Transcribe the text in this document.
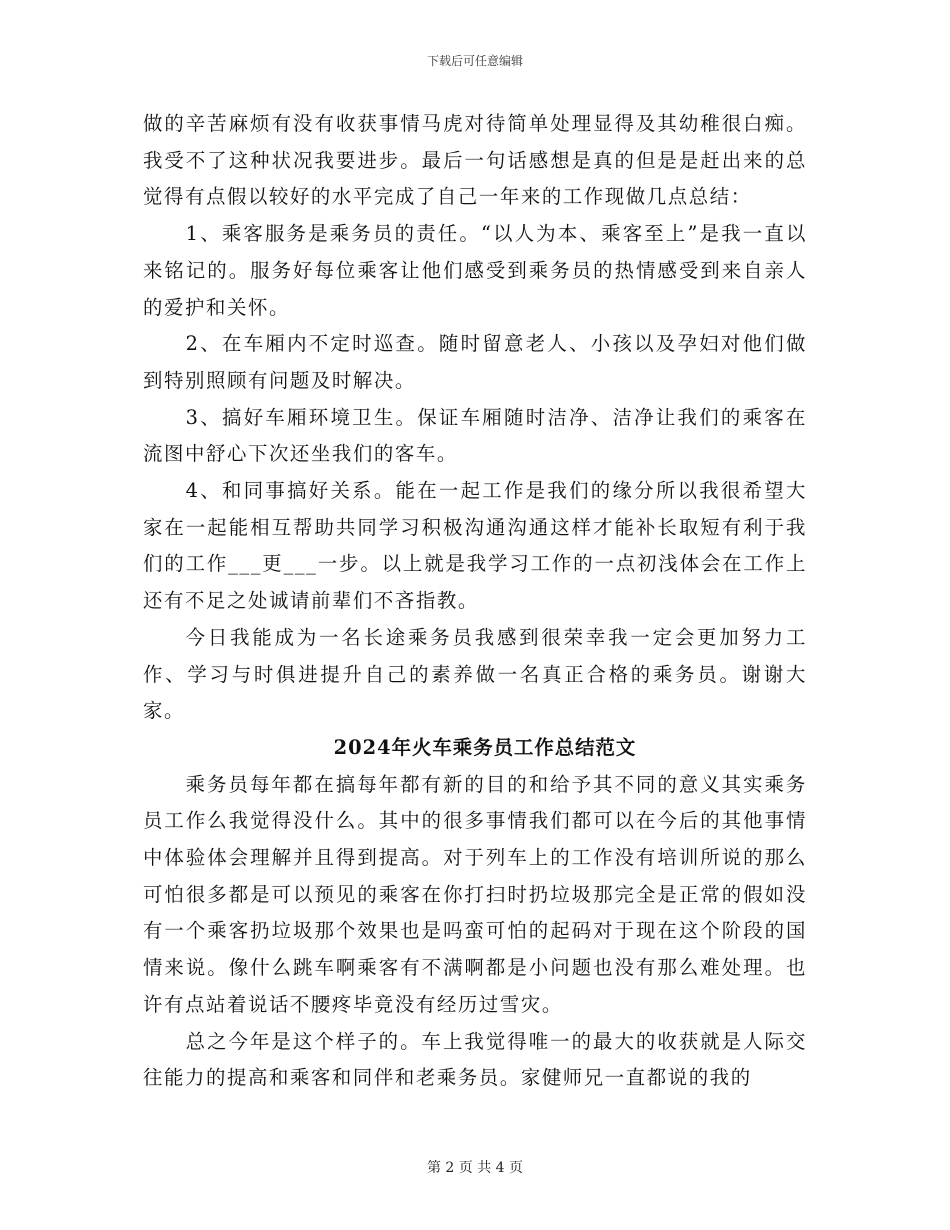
下载后可任意编辑

做的辛苦麻烦有没有收获事情马虎对待简单处理显得及其幼稚很白痴。我受不了这种状况我要进步。最后一句话感想是真的但是是赶出来的总觉得有点假以较好的水平完成了自己一年来的工作现做几点总结：

1、乘客服务是乘务员的责任。“以人为本、乘客至上”是我一直以来铭记的。服务好每位乘客让他们感受到乘务员的热情感受到来自亲人的爱护和关怀。

2、在车厢内不定时巡查。随时留意老人、小孩以及孕妇对他们做到特别照顾有问题及时解决。

3、搞好车厢环境卫生。保证车厢随时洁净、洁净让我们的乘客在流图中舒心下次还坐我们的客车。

4、和同事搞好关系。能在一起工作是我们的缘分所以我很希望大家在一起能相互帮助共同学习积极沟通沟通这样才能补长取短有利于我们的工作___更___一步。以上就是我学习工作的一点初浅体会在工作上还有不足之处诚请前辈们不吝指教。

今日我能成为一名长途乘务员我感到很荣幸我一定会更加努力工作、学习与时俱进提升自己的素养做一名真正合格的乘务员。谢谢大家。

2024年火车乘务员工作总结范文

乘务员每年都在搞每年都有新的目的和给予其不同的意义其实乘务员工作么我觉得没什么。其中的很多事情我们都可以在今后的其他事情中体验体会理解并且得到提高。对于列车上的工作没有培训所说的那么可怕很多都是可以预见的乘客在你打扫时扔垃圾那完全是正常的假如没有一个乘客扔垃圾那个效果也是吗蛮可怕的起码对于现在这个阶段的国情来说。像什么跳车啊乘客有不满啊都是小问题也没有那么难处理。也许有点站着说话不腰疼毕竟没有经历过雪灾。

总之今年是这个样子的。车上我觉得唯一的最大的收获就是人际交往能力的提高和乘客和同伴和老乘务员。家健师兄一直都说的我的

第 2 页 共 4 页
